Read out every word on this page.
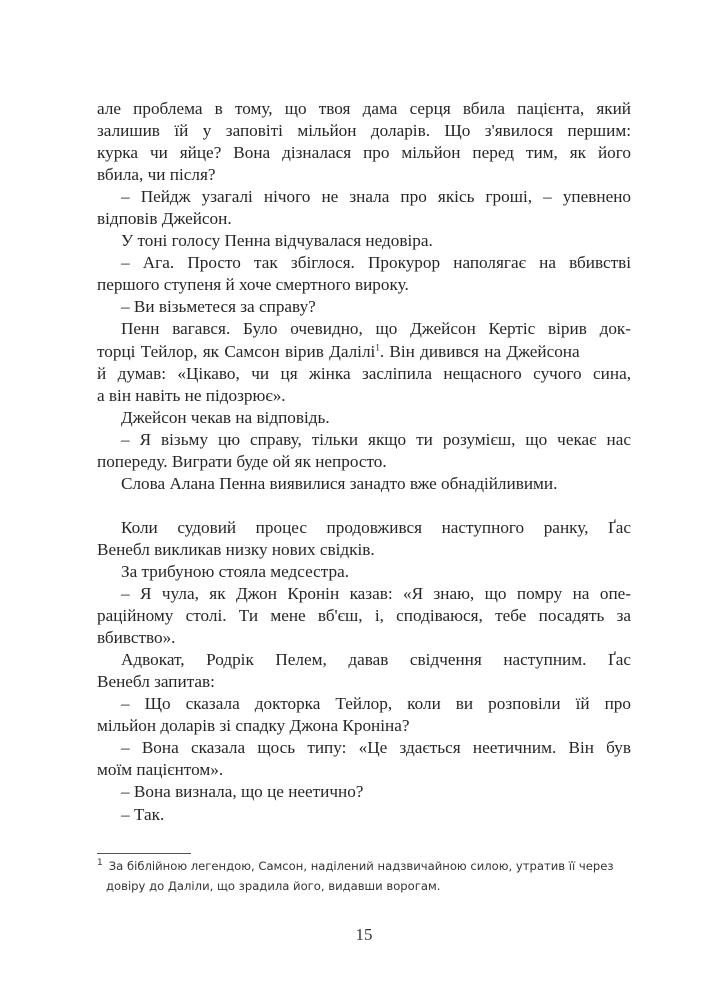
але проблема в тому, що твоя дама серця вбила пацієнта, який
залишив їй у заповіті мільйон доларів. Що з'явилося першим:
курка чи яйце? Вона дізналася про мільйон перед тим, як його
вбила, чи після?
– Пейдж узагалі нічого не знала про якісь гроші, – упевнено
відповів Джейсон.
У тоні голосу Пенна відчувалася недовіра.
– Ага. Просто так збіглося. Прокурор наполягає на вбивстві
першого ступеня й хоче смертного вироку.
– Ви візьметеся за справу?
Пенн вагався. Було очевидно, що Джейсон Кертіс вірив док-
торці Тейлор, як Самсон вірив Далілі$^1$. Він дивився на Джейсона
й думав: «Цікаво, чи ця жінка засліпила нещасного сучого сина,
а він навіть не підозрює».
Джейсон чекав на відповідь.
– Я візьму цю справу, тільки якщо ти розумієш, що чекає нас
попереду. Виграти буде ой як непросто.
Слова Алана Пенна виявилися занадто вже обнадійливими.
Коли судовий процес продовжився наступного ранку, Ґас
Венебл викликав низку нових свідків.
За трибуною стояла медсестра.
– Я чула, як Джон Кронін казав: «Я знаю, що помру на опе-
раційному столі. Ти мене вб'єш, і, сподіваюся, тебе посадять за
вбивство».
Адвокат, Родрік Пелем, давав свідчення наступним. Ґас
Венебл запитав:
– Що сказала докторка Тейлор, коли ви розповіли їй про
мільйон доларів зі спадку Джона Кроніна?
– Вона сказала щось типу: «Це здається неетичним. Він був
моїм пацієнтом».
– Вона визнала, що це неетично?
– Так.
$^1$ За біблійною легендою, Самсон, наділений надзвичайною силою, утратив її через
довіру до Даліли, що зрадила його, видавши ворогам.
15
